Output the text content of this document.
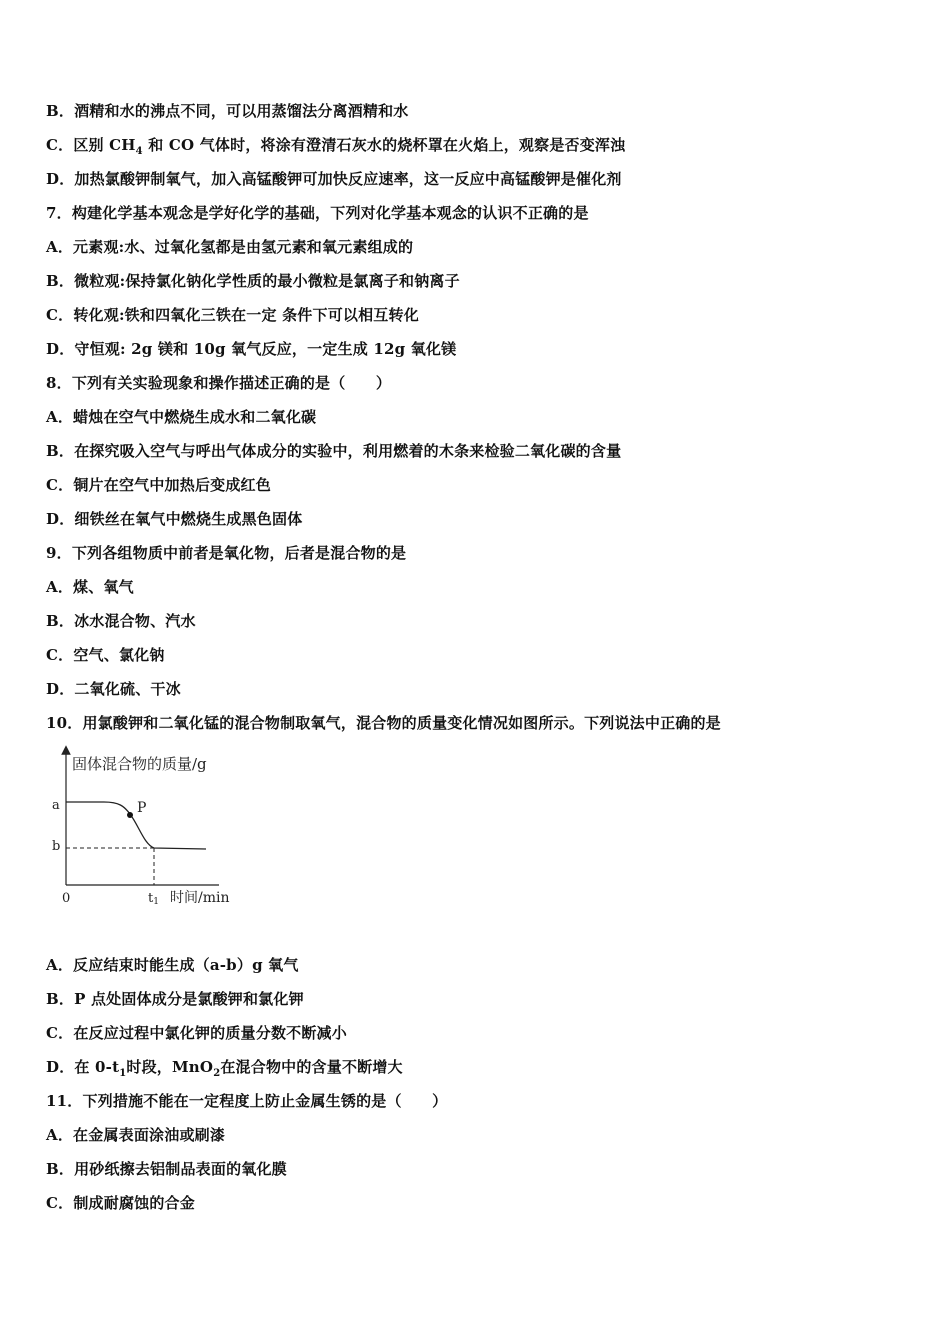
B．酒精和水的沸点不同，可以用蒸馏法分离酒精和水
C．区别 $CH_4$ 和 CO 气体时，将涂有澄清石灰水的烧杯罩在火焰上，观察是否变浑浊
D．加热氯酸钾制氧气，加入高锰酸钾可加快反应速率，这一反应中高锰酸钾是催化剂
7．构建化学基本观念是学好化学的基础，下列对化学基本观念的认识不正确的是
A．元素观:水、过氧化氢都是由氢元素和氧元素组成的
B．微粒观:保持氯化钠化学性质的最小微粒是氯离子和钠离子
C．转化观:铁和四氧化三铁在一定 条件下可以相互转化
D．守恒观: 2g 镁和 10g 氧气反应，一定生成 12g 氧化镁
8．下列有关实验现象和操作描述正确的是（　　）
A．蜡烛在空气中燃烧生成水和二氧化碳
B．在探究吸入空气与呼出气体成分的实验中，利用燃着的木条来检验二氧化碳的含量
C．铜片在空气中加热后变成红色
D．细铁丝在氧气中燃烧生成黑色固体
9．下列各组物质中前者是氧化物，后者是混合物的是
A．煤、氧气
B．冰水混合物、汽水
C．空气、氯化钠
D．二氧化硫、干冰
10．用氯酸钾和二氧化锰的混合物制取氧气，混合物的质量变化情况如图所示。下列说法中正确的是
固体混合物的质量/g
a
b
P
0	t1 时间/min
A．反应结束时能生成（a-b）g 氧气
B．P 点处固体成分是氯酸钾和氯化钾
C．在反应过程中氯化钾的质量分数不断减小
D．在 $0-t_1$时段，MnO$_2$在混合物中的含量不断增大
11．下列措施不能在一定程度上防止金属生锈的是（　　）
A．在金属表面涂油或刷漆
B．用砂纸擦去铝制品表面的氧化膜
C．制成耐腐蚀的合金
